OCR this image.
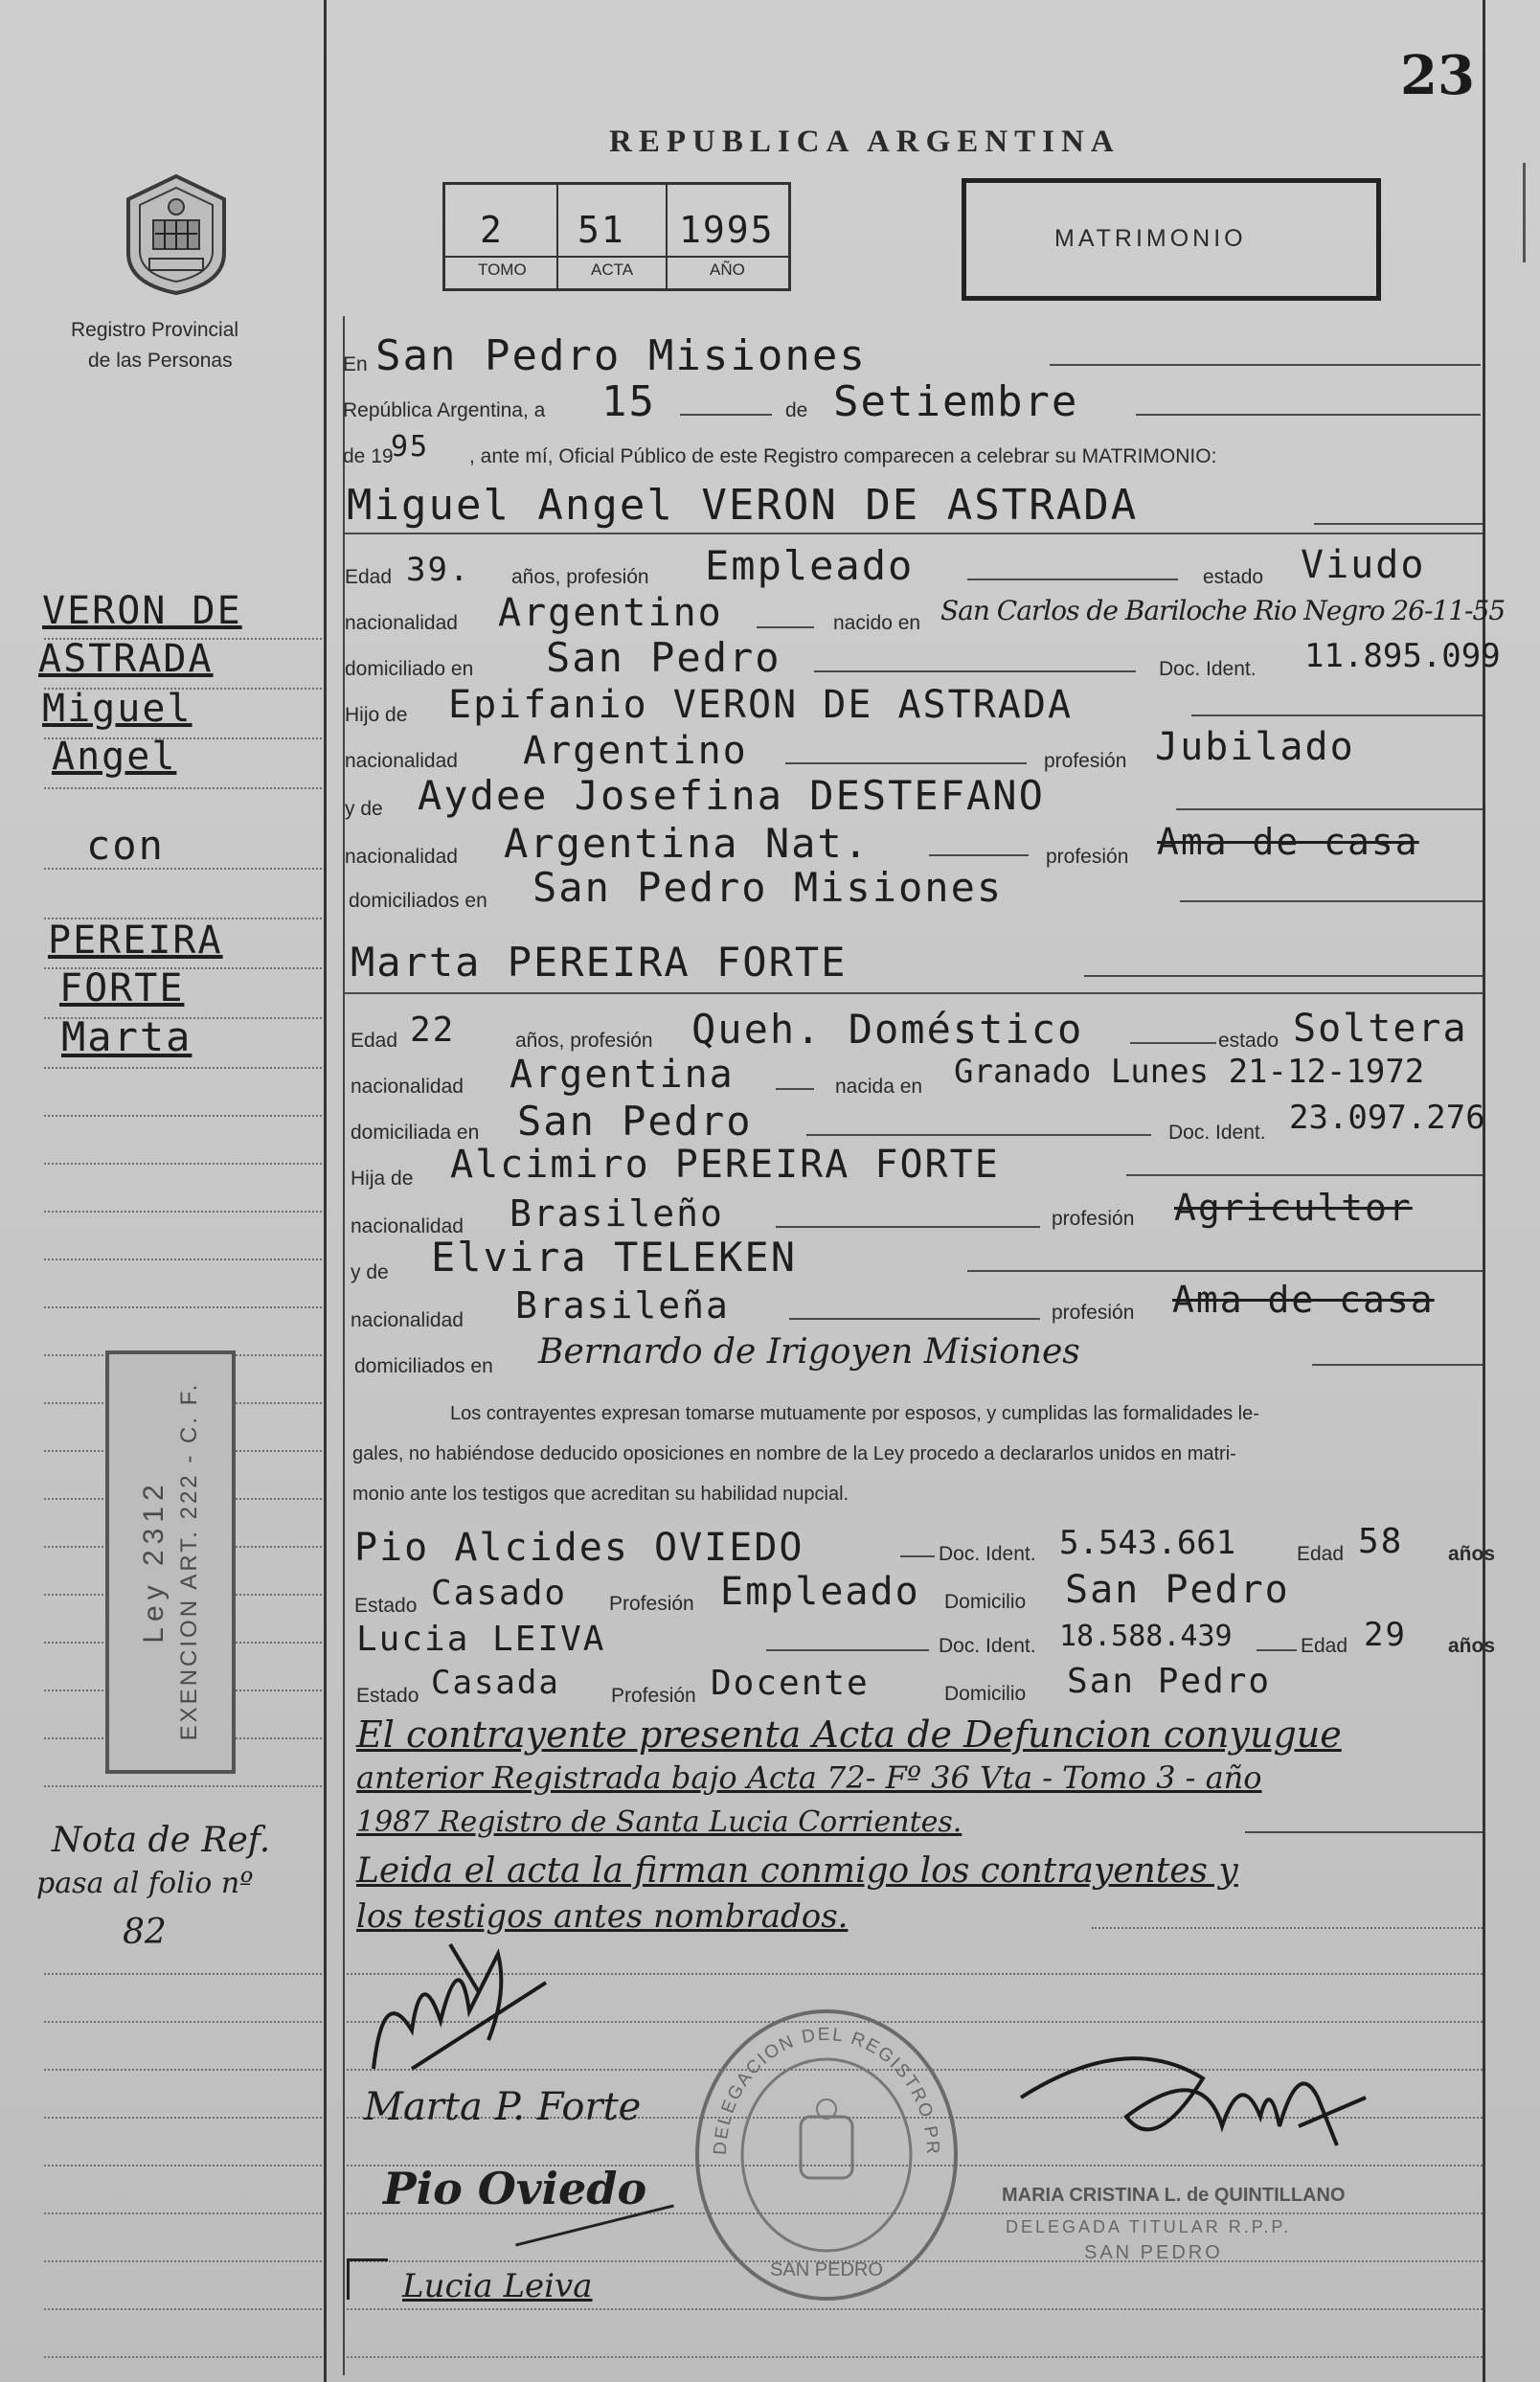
23
REPUBLICA ARGENTINA
Registro Provincial
de las Personas
2 51 1995
TOMO	ACTA	AÑO
MATRIMONIO
En San Pedro Misiones
República Argentina, a 15	de Setiembre
de 19
95 , ante mí, Oficial Público de este Registro comparecen a celebrar su MATRIMONIO:
Miguel Angel VERON DE ASTRADA
Edad 39. años, profesión Empleado	estado Viudo
nacionalidad Argentino	nacido en San Carlos de Bariloche Rio Negro 26-11-55
domiciliado en San Pedro	Doc. Ident. 11.895.099
Hijo de Epifanio VERON DE ASTRADA
nacionalidad Argentino	profesión Jubilado
y de Aydee Josefina DESTEFANO
nacionalidad Argentina Nat.	profesión Ama de casa
domiciliados en San Pedro Misiones
Marta PEREIRA FORTE
Edad 22	años, profesión Queh. Doméstico	estado Soltera
nacionalidad Argentina	nacida en Granado Lunes 21-12-1972
domiciliada en San Pedro	Doc. Ident. 23.097.276
Hija de Alcimiro PEREIRA FORTE
nacionalidad Brasileño	profesión Agricultor
y de Elvira TELEKEN
nacionalidad Brasileña	profesión Ama de casa
domiciliados en Bernardo de Irigoyen Misiones
Los contrayentes expresan tomarse mutuamente por esposos, y cumplidas las formalidades le-
gales, no habiéndose deducido oposiciones en nombre de la Ley procedo a declararlos unidos en matri-
monio ante los testigos que acreditan su habilidad nupcial.
Pio Alcides OVIEDO	Doc. Ident. 5.543.661	Edad 58 años
Estado Casado Profesión Empleado Domicilio San Pedro
Lucia LEIVA	Doc. Ident. 18.588.439	Edad 29 años
Estado Casada	Profesión Docente	Domicilio San Pedro
El contrayente presenta Acta de Defuncion conyugue
anterior Registrada bajo Acta 72- Fº 36 Vta - Tomo 3 - año
1987 Registro de Santa Lucia Corrientes.
Leida el acta la firman conmigo los contrayentes y
los testigos antes nombrados.
VERON DE
ASTRADA
Miguel
Angel
con
PEREIRA
FORTE
Marta
Nota de Ref.
pasa al folio nº
82
Ley 2312 EXENCION ART. 222 - C. F.
Marta P. Forte
Pio Oviedo
Lucia Leiva
DELEGACION DEL REGISTRO PR
SAN PEDRO
MARIA CRISTINA L. de QUINTILLANO
DELEGADA TITULAR R.P.P.
SAN PEDRO
